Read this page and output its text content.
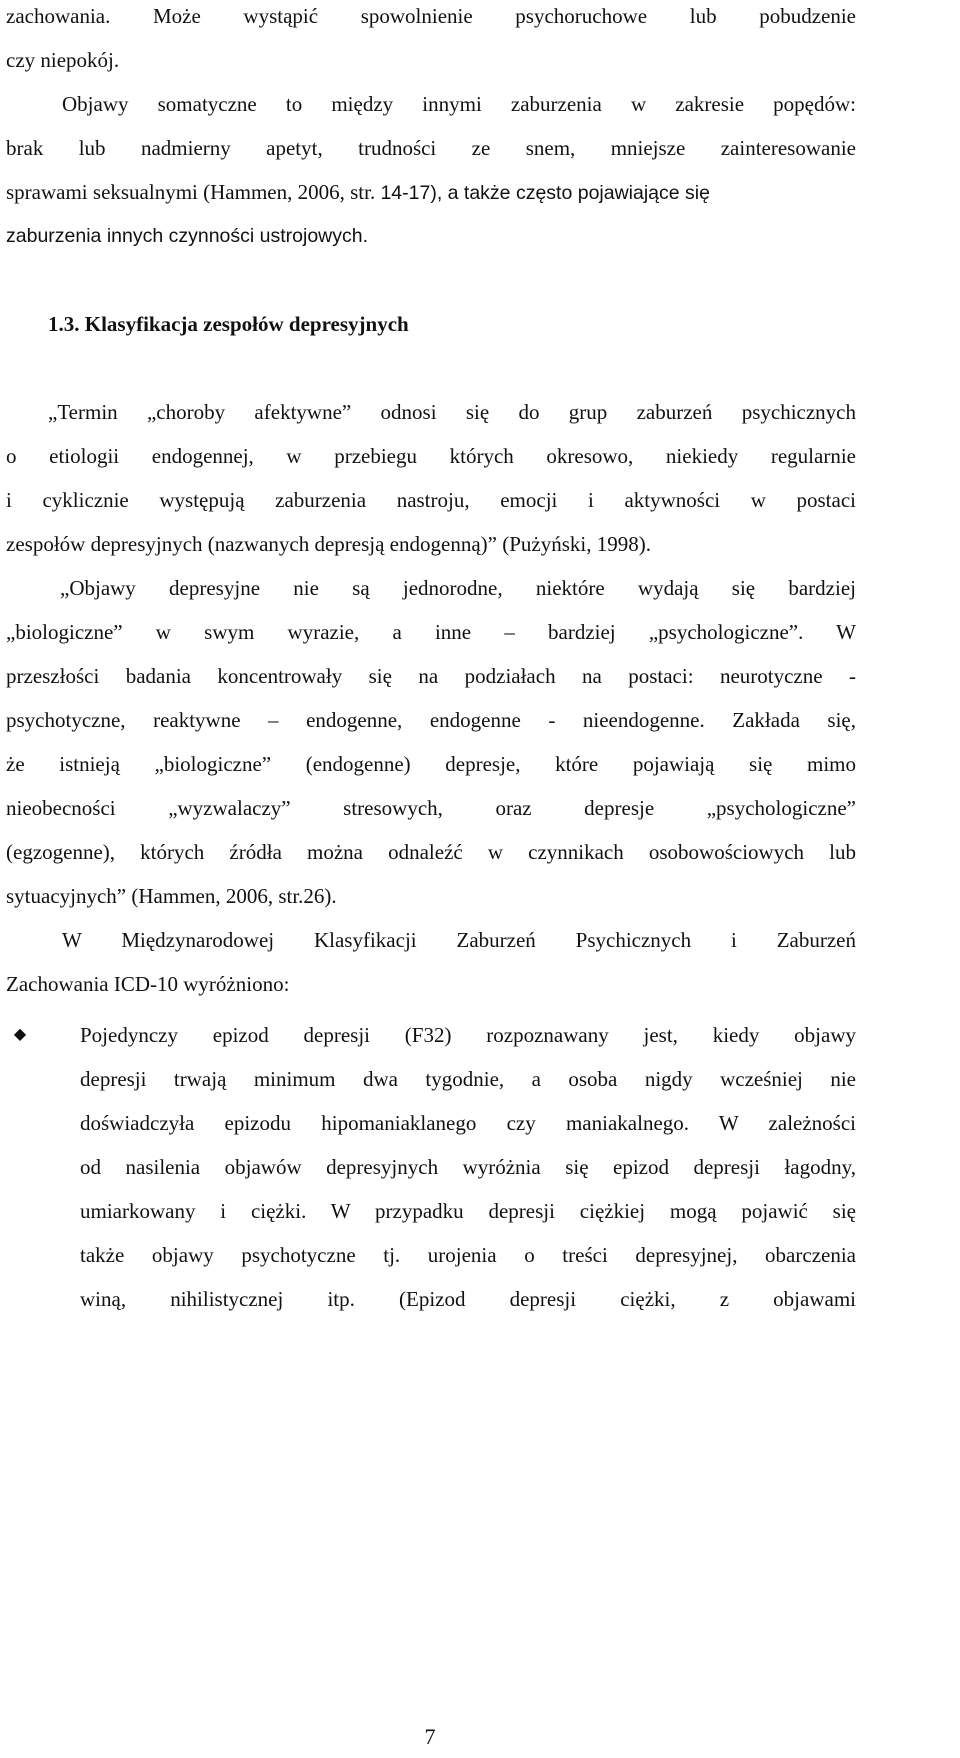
zachowania. Może wystąpić spowolnienie psychoruchowe lub pobudzenie
czy niepokój.
Objawy somatyczne to między innymi zaburzenia w zakresie popędów:
brak lub nadmierny apetyt, trudności ze snem, mniejsze zainteresowanie
sprawami seksualnymi (Hammen, 2006, str. 14-17), a także często pojawiające się
zaburzenia innych czynności ustrojowych.
1.3. Klasyfikacja zespołów depresyjnych
„Termin „choroby afektywne” odnosi się do grup zaburzeń psychicznych
o etiologii endogennej, w przebiegu których okresowo, niekiedy regularnie
i cyklicznie występują zaburzenia nastroju, emocji i aktywności w postaci
zespołów depresyjnych (nazwanych depresją endogenną)” (Pużyński, 1998).
„Objawy depresyjne nie są jednorodne, niektóre wydają się bardziej
„biologiczne” w swym wyrazie, a inne – bardziej „psychologiczne”. W
przeszłości badania koncentrowały się na podziałach na postaci: neurotyczne -
psychotyczne, reaktywne – endogenne, endogenne - nieendogenne. Zakłada się,
że istnieją „biologiczne” (endogenne) depresje, które pojawiają się mimo
nieobecności „wyzwalaczy” stresowych, oraz depresje „psychologiczne”
(egzogenne), których źródła można odnaleźć w czynnikach osobowościowych lub
sytuacyjnych” (Hammen, 2006, str.26).
W Międzynarodowej Klasyfikacji Zaburzeń Psychicznych i Zaburzeń
Zachowania ICD-10 wyróżniono:
◆	Pojedynczy epizod depresji (F32) rozpoznawany jest, kiedy objawy
depresji trwają minimum dwa tygodnie, a osoba nigdy wcześniej nie
doświadczyła epizodu hipomaniaklanego czy maniakalnego. W zależności
od nasilenia objawów depresyjnych wyróżnia się epizod depresji łagodny,
umiarkowany i ciężki. W przypadku depresji ciężkiej mogą pojawić się
także objawy psychotyczne tj. urojenia o treści depresyjnej, obarczenia
winą, nihilistycznej itp. (Epizod depresji ciężki, z objawami
7
